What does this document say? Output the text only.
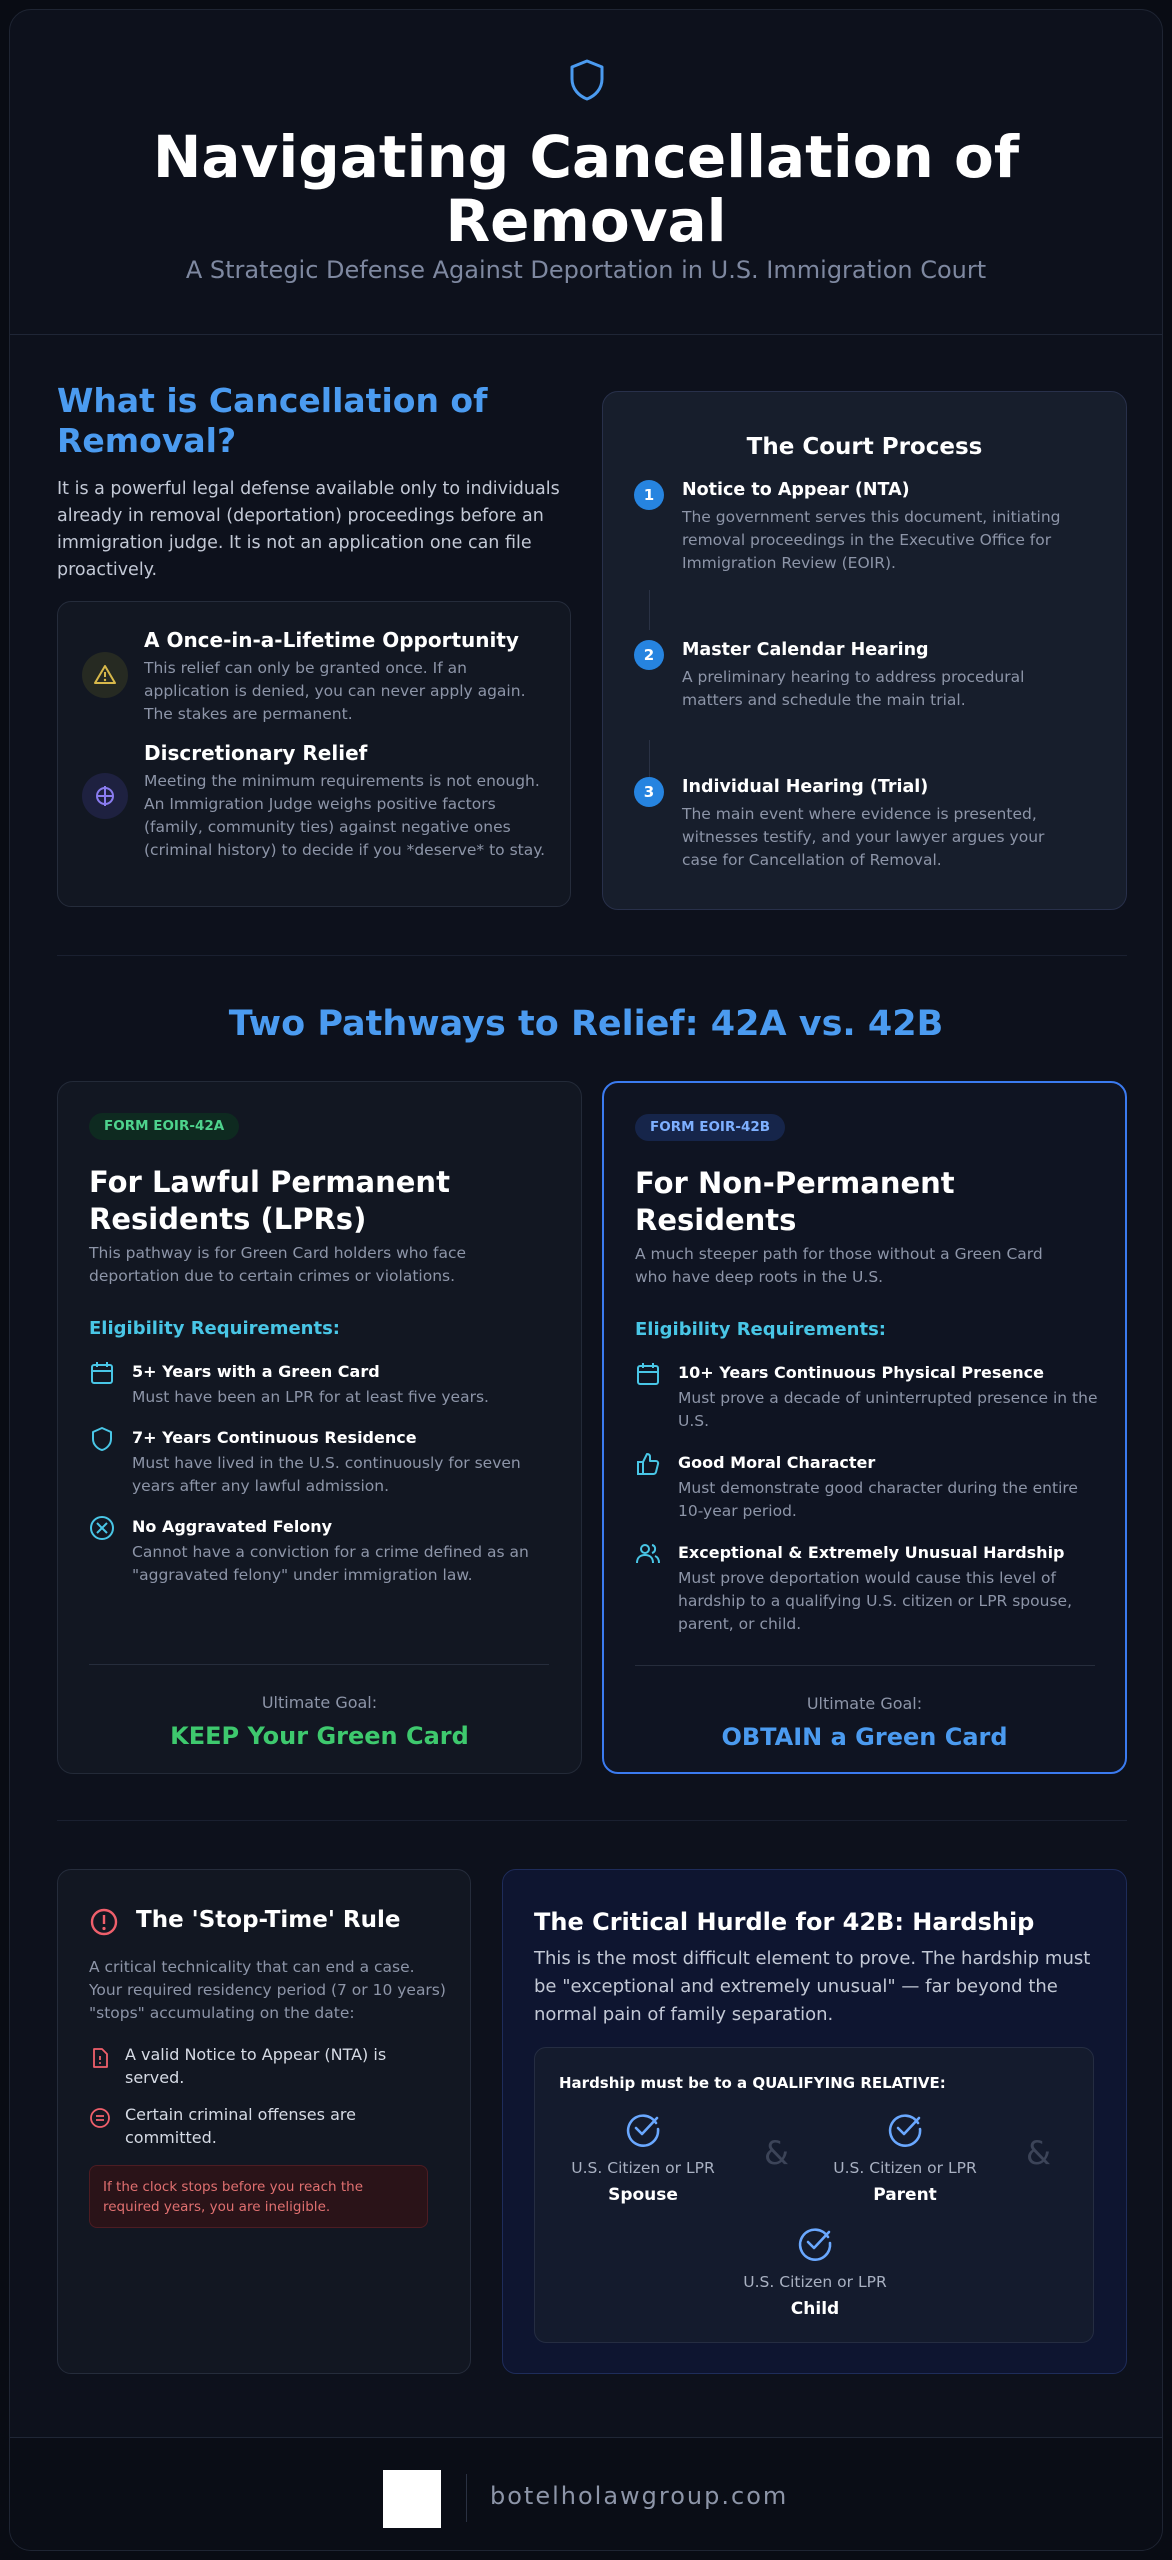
Navigating Cancellation of Removal
A Strategic Defense Against Deportation in U.S. Immigration Court
What is Cancellation of Removal?
It is a powerful legal defense available only to individuals already in removal (deportation) proceedings before an immigration judge. It is not an application one can file proactively.
A Once-in-a-Lifetime Opportunity
This relief can only be granted once. If an application is denied, you can never apply again. The stakes are permanent.
Discretionary Relief
Meeting the minimum requirements is not enough. An Immigration Judge weighs positive factors (family, community ties) against negative ones (criminal history) to decide if you *deserve* to stay.
The Court Process
1	Notice to Appear (NTA)
The government serves this document, initiating removal proceedings in the Executive Office for Immigration Review (EOIR).
2	Master Calendar Hearing
A preliminary hearing to address procedural matters and schedule the main trial.
3	Individual Hearing (Trial)
The main event where evidence is presented, witnesses testify, and your lawyer argues your case for Cancellation of Removal.
Two Pathways to Relief: 42A vs. 42B
FORM EOIR-42A
For Lawful Permanent Residents (LPRs)
This pathway is for Green Card holders who face deportation due to certain crimes or violations.
Eligibility Requirements:
5+ Years with a Green Card
Must have been an LPR for at least five years.
7+ Years Continuous Residence
Must have lived in the U.S. continuously for seven years after any lawful admission.
No Aggravated Felony
Cannot have a conviction for a crime defined as an "aggravated felony" under immigration law.
Ultimate Goal:
KEEP Your Green Card
FORM EOIR-42B
For Non-Permanent Residents
A much steeper path for those without a Green Card who have deep roots in the U.S.
Eligibility Requirements:
10+ Years Continuous Physical Presence
Must prove a decade of uninterrupted presence in the U.S.
Good Moral Character
Must demonstrate good character during the entire 10-year period.
Exceptional & Extremely Unusual Hardship
Must prove deportation would cause this level of hardship to a qualifying U.S. citizen or LPR spouse, parent, or child.
Ultimate Goal:
OBTAIN a Green Card
The 'Stop-Time' Rule
A critical technicality that can end a case. Your required residency period (7 or 10 years) "stops" accumulating on the date:
A valid Notice to Appear (NTA) is served.
Certain criminal offenses are committed.
If the clock stops before you reach the required years, you are ineligible.
The Critical Hurdle for 42B: Hardship
This is the most difficult element to prove. The hardship must be "exceptional and extremely unusual" — far beyond the normal pain of family separation.
Hardship must be to a QUALIFYING RELATIVE:
U.S. Citizen or LPR
Spouse
&	U.S. Citizen or LPR
Parent
&
U.S. Citizen or LPR
Child
botelholawgroup.com
